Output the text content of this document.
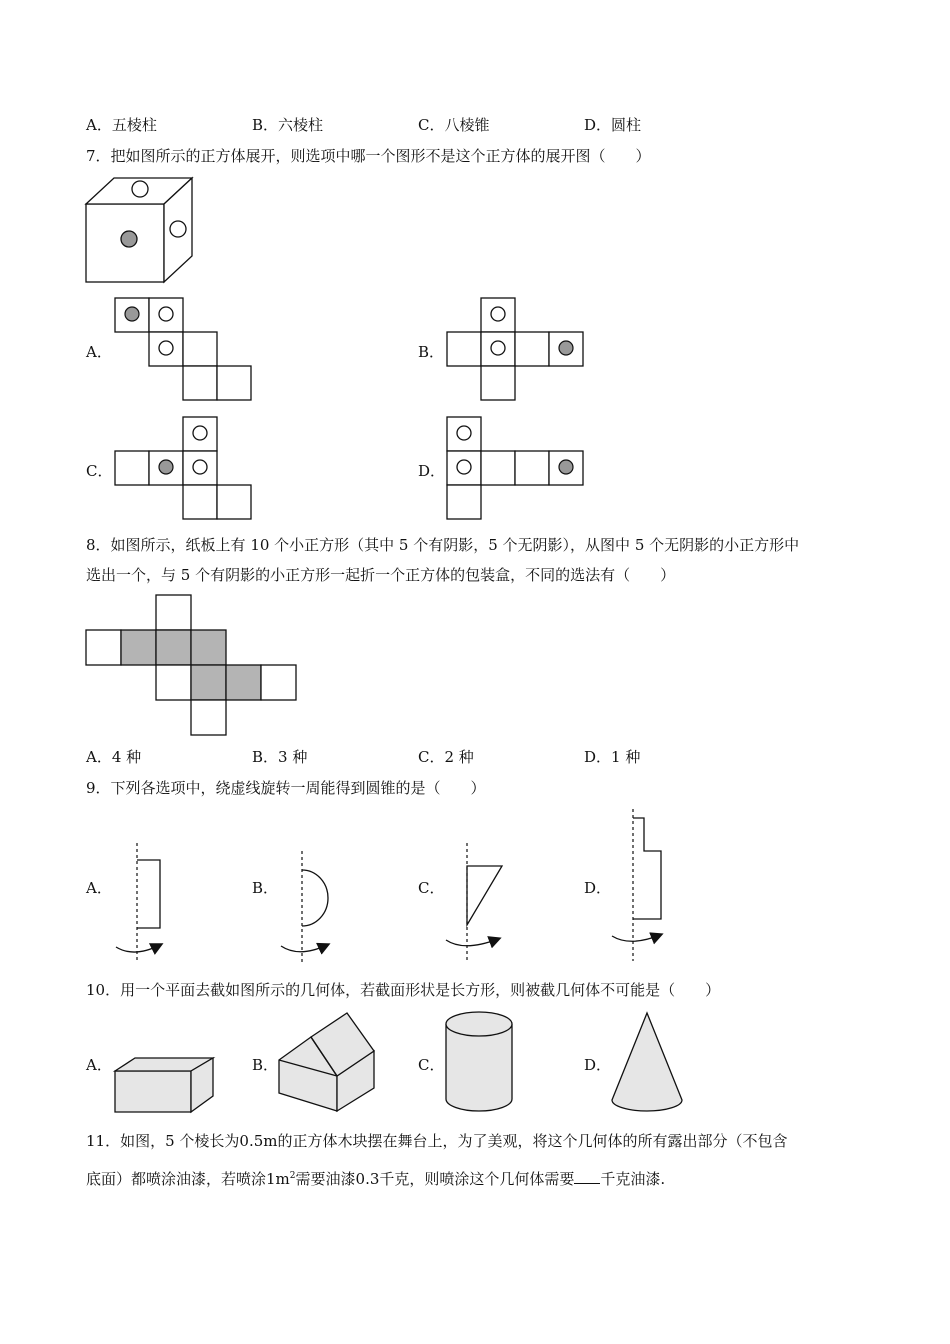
A．五棱柱	B．六棱柱	C．八棱锥	D．圆柱
7．把如图所示的正方体展开，则选项中哪一个图形不是这个正方体的展开图（　　）
A．	B．
C．	D．
8．如图所示，纸板上有 10 个小正方形（其中 5 个有阴影，5 个无阴影），从图中 5 个无阴影的小正方形中
选出一个，与 5 个有阴影的小正方形一起折一个正方体的包装盒，不同的选法有（　　）
A．4 种	B．3 种	C．2 种	D．1 种
9．下列各选项中，绕虚线旋转一周能得到圆锥的是（　　）
A．	B．	C．	D．
10．用一个平面去截如图所示的几何体，若截面形状是长方形，则被截几何体不可能是（　　）
A．	B．	C．	D．
11．如图，5 个棱长为0.5m的正方体木块摆在舞台上，为了美观，将这个几何体的所有露出部分（不包含
底面）都喷涂油漆，若喷涂$1m^2$需要油漆0.3千克，则喷涂这个几何体需要 千克油漆.
